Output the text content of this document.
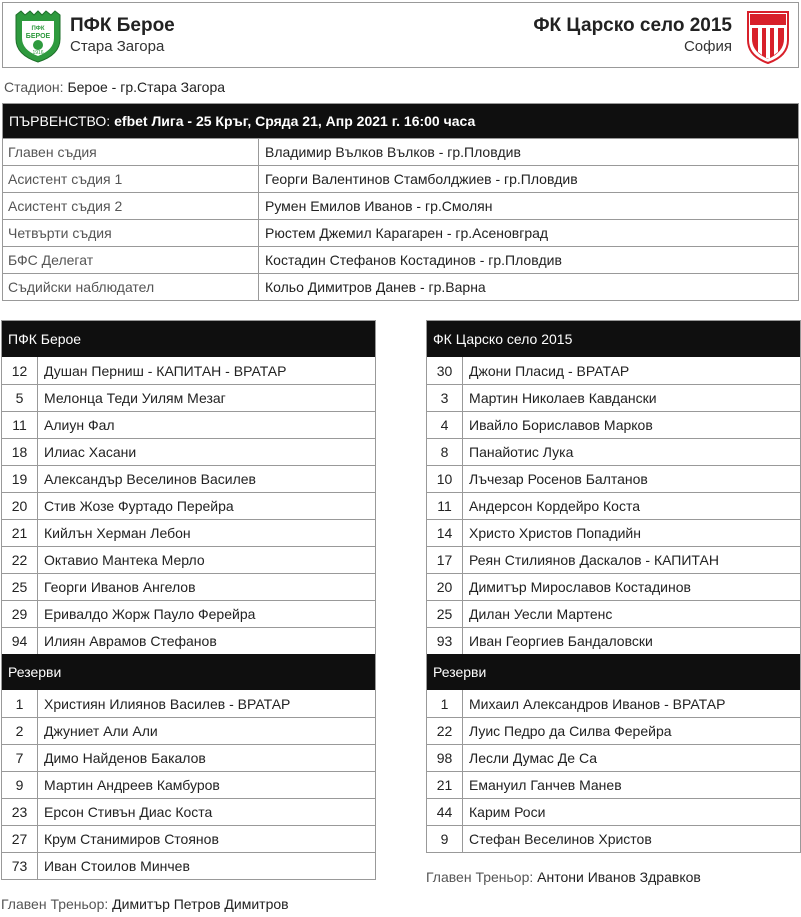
ПФК
БЕРОЕ
1916
ПФК Берое
Стара Загора
ФК Царско село 2015
София
Стадион: Берое - гр.Стара Загора
ПЪРВЕНСТВО: efbet Лига - 25 Кръг, Сряда 21, Апр 2021 г. 16:00 часа
Главен съдия	Владимир Вълков Вълков - гр.Пловдив
Асистент съдия 1	Георги Валентинов Стамболджиев - гр.Пловдив
Асистент съдия 2	Румен Емилов Иванов - гр.Смолян
Четвърти съдия	Рюстем Джемил Карагарен - гр.Асеновград
БФС Делегат	Костадин Стефанов Костадинов - гр.Пловдив
Съдийски наблюдател	Кольо Димитров Данев - гр.Варна
ПФК Берое
12	Душан Перниш - КАПИТАН - ВРАТАР
5	Мелонца Теди Уилям Мезаг
11	Алиун Фал
18	Илиас Хасани
19	Александър Веселинов Василев
20	Стив Жозе Фуртадо Перейра
21	Кийлън Херман Лебон
22	Октавио Мантека Мерло
25	Георги Иванов Ангелов
29	Еривалдо Жорж Пауло Ферейра
94	Илиян Аврамов Стефанов
Резерви
1	Християн Илиянов Василев - ВРАТАР
2	Джуниет Али Али
7	Димо Найденов Бакалов
9	Мартин Андреев Камбуров
23	Ерсон Стивън Диас Коста
27	Крум Станимиров Стоянов
73	Иван Стоилов Минчев
ФК Царско село 2015
30	Джони Пласид - ВРАТАР
3	Мартин Николаев Кавдански
4	Ивайло Бориславов Марков
8	Панайотис Лука
10	Лъчезар Росенов Балтанов
11	Андерсон Кордейро Коста
14	Христо Христов Попадийн
17	Реян Стилиянов Даскалов - КАПИТАН
20	Димитър Мирославов Костадинов
25	Дилан Уесли Мартенс
93	Иван Георгиев Бандаловски
Резерви
1	Михаил Александров Иванов - ВРАТАР
22	Луис Педро да Силва Ферейра
98	Лесли Думас Де Са
21	Емануил Ганчев Манев
44	Карим Роси
9	Стефан Веселинов Христов
Главен Треньор: Антони Иванов Здравков
Главен Треньор: Димитър Петров Димитров
